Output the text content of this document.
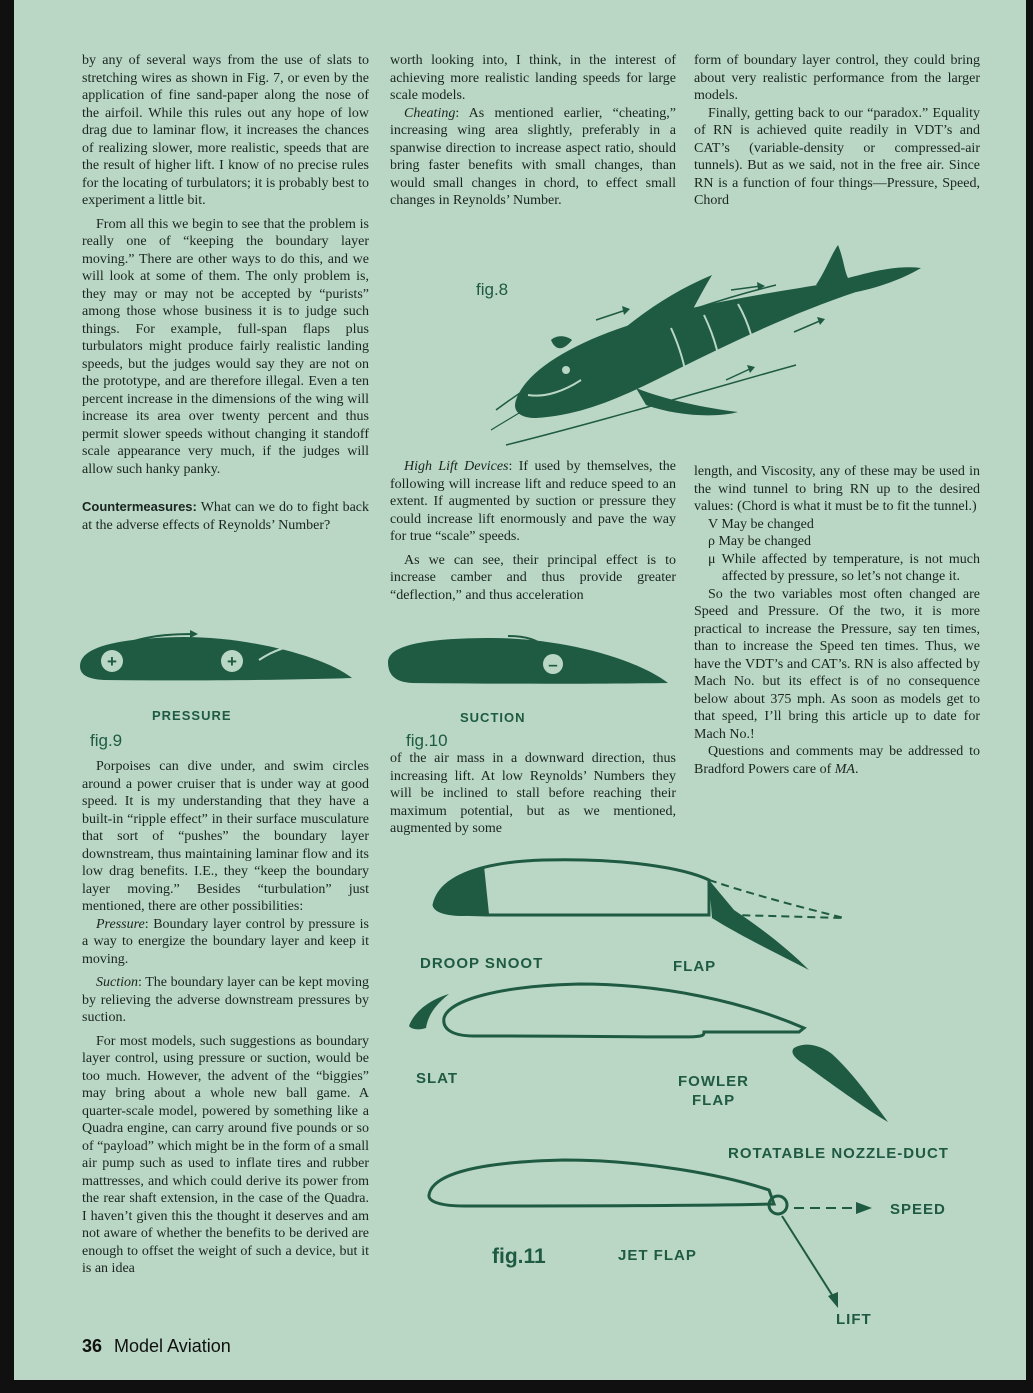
by any of several ways from the use of slats to stretching wires as shown in Fig. 7, or even by the application of fine sand-paper along the nose of the airfoil. While this rules out any hope of low drag due to laminar flow, it increases the chances of realizing slower, more realistic, speeds that are the result of higher lift. I know of no precise rules for the locating of turbulators; it is probably best to experiment a little bit.

From all this we begin to see that the problem is really one of “keeping the boundary layer moving.” There are other ways to do this, and we will look at some of them. The only problem is, they may or may not be accepted by “purists” among those whose business it is to judge such things. For example, full-span flaps plus turbulators might produce fairly realistic landing speeds, but the judges would say they are not on the prototype, and are therefore illegal. Even a ten percent increase in the dimensions of the wing will increase its area over twenty percent and thus permit slower speeds without changing it standoff scale appearance very much, if the judges will allow such hanky panky.

Countermeasures: What can we do to fight back at the adverse effects of Reynolds’ Number?

+	+
PRESSURE
fig.9

Porpoises can dive under, and swim circles around a power cruiser that is under way at good speed. It is my understanding that they have a built-in “ripple effect” in their surface musculature that sort of “pushes” the boundary layer downstream, thus maintaining laminar flow and its low drag benefits. I.E., they “keep the boundary layer moving.” Besides “turbulation” just mentioned, there are other possibilities:

Pressure: Boundary layer control by pressure is a way to energize the boundary layer and keep it moving.

Suction: The boundary layer can be kept moving by relieving the adverse downstream pressures by suction.

For most models, such suggestions as boundary layer control, using pressure or suction, would be too much. However, the advent of the “biggies” may bring about a whole new ball game. A quarter-scale model, powered by something like a Quadra engine, can carry around five pounds or so of “payload” which might be in the form of a small air pump such as used to inflate tires and rubber mattresses, and which could derive its power from the rear shaft extension, in the case of the Quadra. I haven’t given this the thought it deserves and am not aware of whether the benefits to be derived are enough to offset the weight of such a device, but it is an idea

worth looking into, I think, in the interest of achieving more realistic landing speeds for large scale models.

Cheating: As mentioned earlier, “cheating,” increasing wing area slightly, preferably in a spanwise direction to increase aspect ratio, should bring faster benefits with small changes, than would small changes in chord, to effect small changes in Reynolds’ Number.

form of boundary layer control, they could bring about very realistic performance from the larger models.

Finally, getting back to our “paradox.” Equality of RN is achieved quite readily in VDT’s and CAT’s (variable-density or compressed-air tunnels). But as we said, not in the free air. Since RN is a function of four things—Pressure, Speed, Chord

fig.8

High Lift Devices: If used by themselves, the following will increase lift and reduce speed to an extent. If augmented by suction or pressure they could increase lift enormously and pave the way for true “scale” speeds.

As we can see, their principal effect is to increase camber and thus provide greater “deflection,” and thus acceleration

–
SUCTION
fig.10

of the air mass in a downward direction, thus increasing lift. At low Reynolds’ Numbers they will be inclined to stall before reaching their maximum potential, but as we mentioned, augmented by some

length, and Viscosity, any of these may be used in the wind tunnel to bring RN up to the desired values: (Chord is what it must be to fit the tunnel.)

V May be changed

ρ May be changed

μ While affected by temperature, is not much affected by pressure, so let’s not change it.

So the two variables most often changed are Speed and Pressure. Of the two, it is more practical to increase the Pressure, say ten times, than to increase the Speed ten times. Thus, we have the VDT’s and CAT’s. RN is also affected by Mach No. but its effect is of no consequence below about 375 mph. As soon as models get to that speed, I’ll bring this article up to date for Mach No.!

Questions and comments may be addressed to Bradford Powers care of MA.

DROOP SNOOT	FLAP
SLAT	FOWLER
FLAP
ROTATABLE NOZZLE-DUCT
SPEED
fig.11	JET FLAP
LIFT
36 Model Aviation
